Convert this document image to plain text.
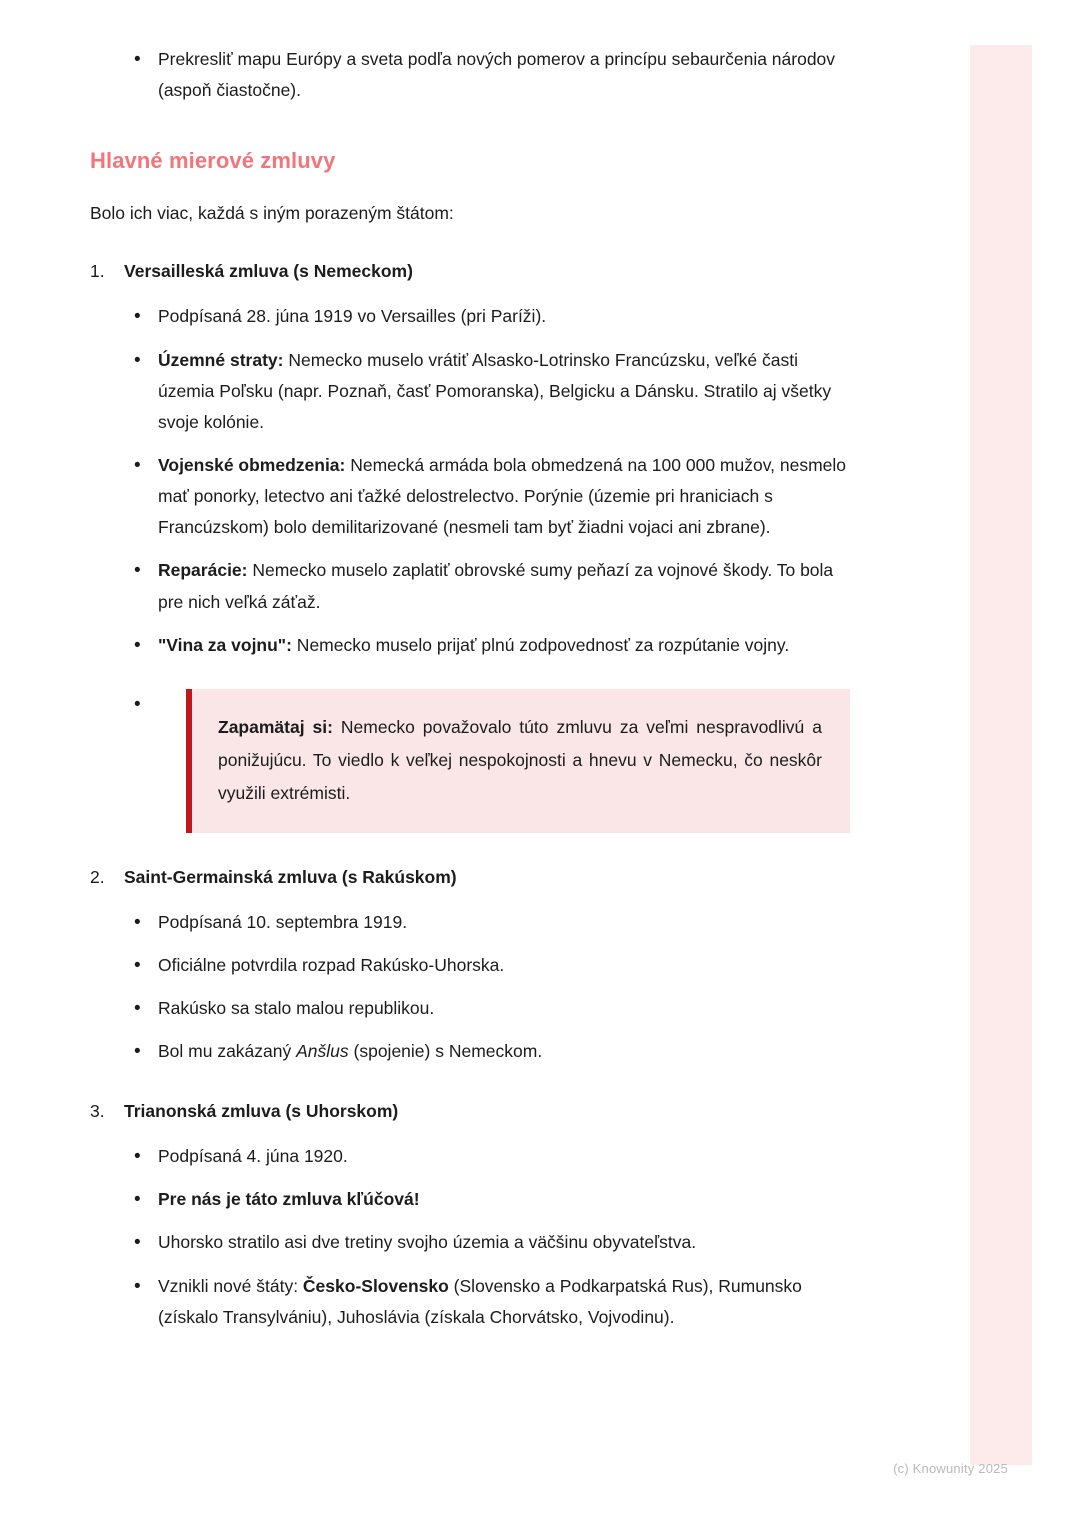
• Prekresliť mapu Európy a sveta podľa nových pomerov a princípu sebaurčenia národov (aspoň čiastočne).
Hlavné mierové zmluvy

Bolo ich viac, každá s iným porazeným štátom:

Versailleská zmluva (s Nemeckom)
• Podpísaná 28. júna 1919 vo Versailles (pri Paríži).
• Územné straty: Nemecko muselo vrátiť Alsasko-Lotrinsko Francúzsku, veľké časti územia Poľsku (napr. Poznaň, časť Pomoranska), Belgicku a Dánsku. Stratilo aj všetky svoje kolónie.
• Vojenské obmedzenia: Nemecká armáda bola obmedzená na 100 000 mužov, nesmelo mať ponorky, letectvo ani ťažké delostrelectvo. Porýnie (územie pri hraniciach s Francúzskom) bolo demilitarizované (nesmeli tam byť žiadni vojaci ani zbrane).
• Reparácie: Nemecko muselo zaplatiť obrovské sumy peňazí za vojnové škody. To bola pre nich veľká záťaž.
• "Vina za vojnu": Nemecko muselo prijať plnú zodpovednosť za rozpútanie vojny.
• Zapamätaj si: Nemecko považovalo túto zmluvu za veľmi nespravodlivú a ponižujúcu. To viedlo k veľkej nespokojnosti a hnevu v Nemecku, čo neskôr využili extrémisti.
Saint-Germainská zmluva (s Rakúskom)
• Podpísaná 10. septembra 1919.
• Oficiálne potvrdila rozpad Rakúsko-Uhorska.
• Rakúsko sa stalo malou republikou.
• Bol mu zakázaný Anšlus (spojenie) s Nemeckom.
Trianonská zmluva (s Uhorskom)
• Podpísaná 4. júna 1920.
• Pre nás je táto zmluva kľúčová!
• Uhorsko stratilo asi dve tretiny svojho územia a väčšinu obyvateľstva.
• Vznikli nové štáty: Česko-Slovensko (Slovensko a Podkarpatská Rus), Rumunsko (získalo Transylvániu), Juhoslávia (získala Chorvátsko, Vojvodinu).
(c) Knowunity 2025
